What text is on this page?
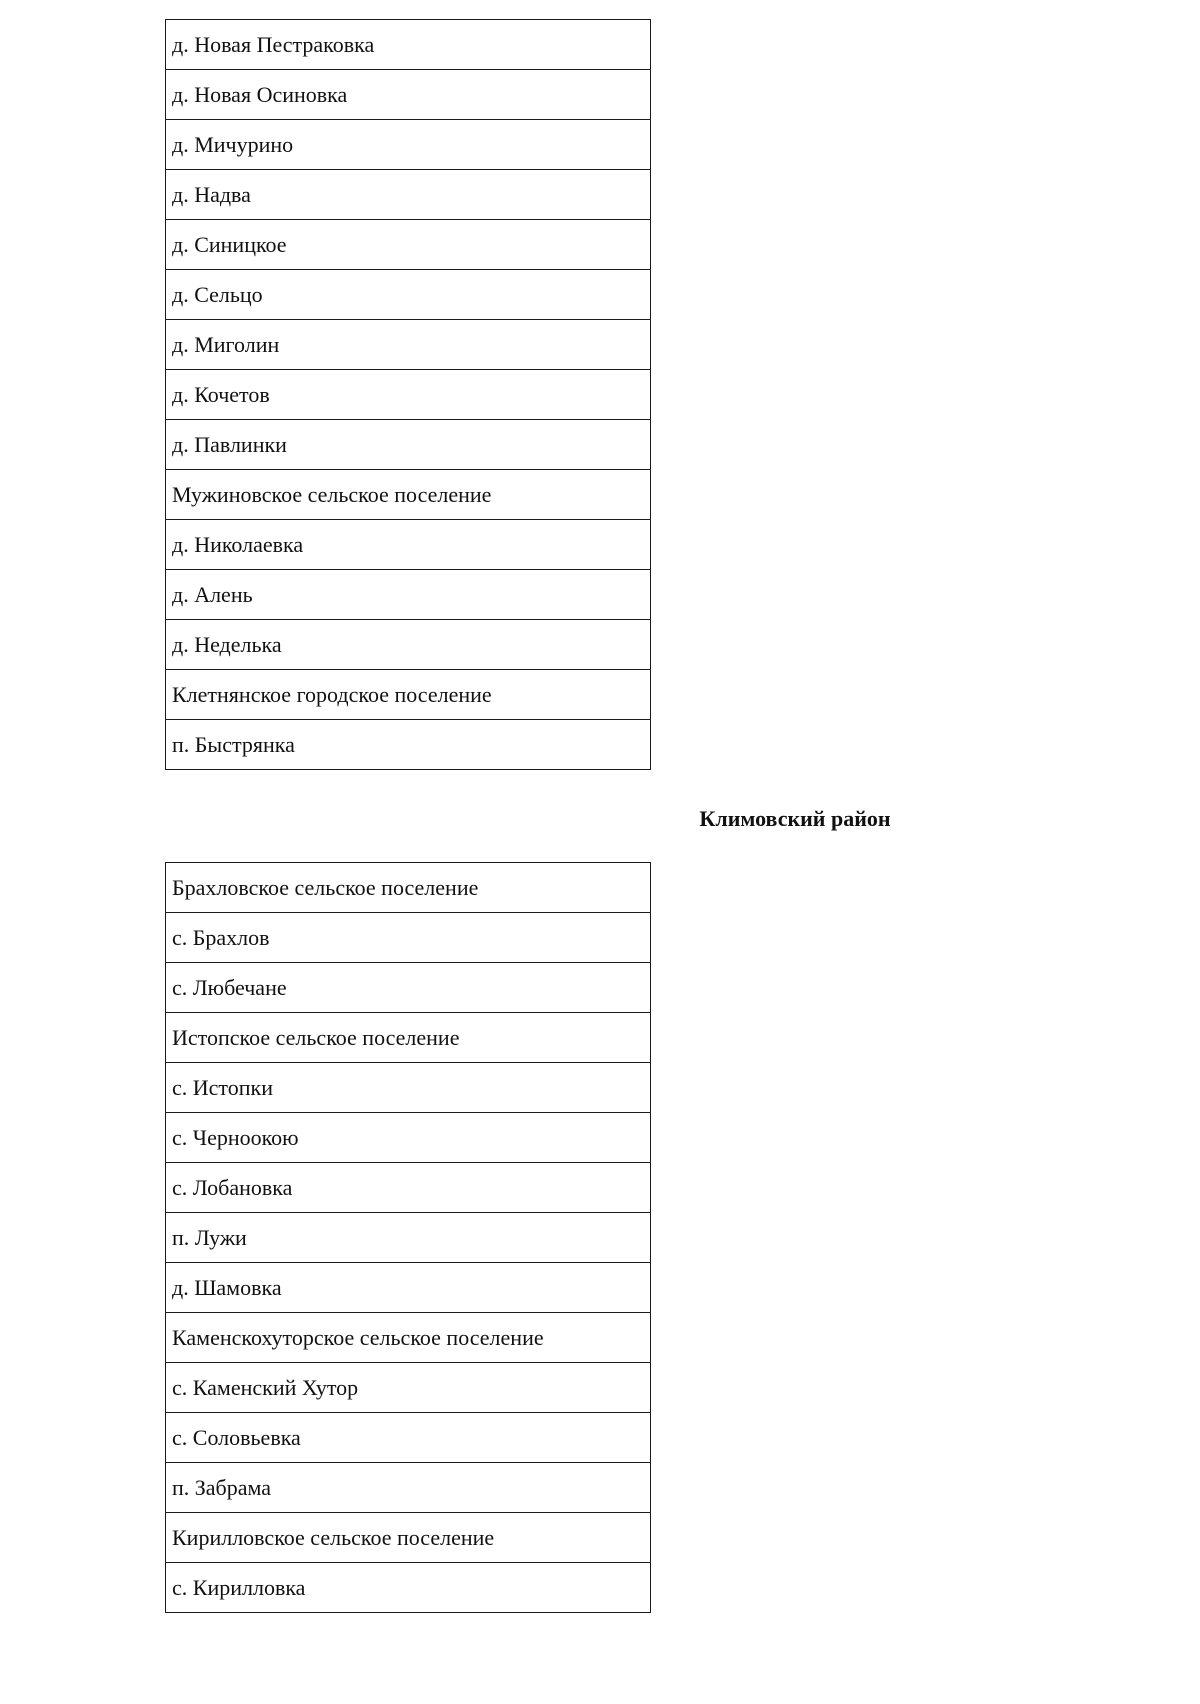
д. Новая Пестраковка
д. Новая Осиновка
д. Мичурино
д. Надва
д. Синицкое
д. Сельцо
д. Миголин
д. Кочетов
д. Павлинки
Мужиновское сельское поселение
д. Николаевка
д. Алень
д. Неделька
Клетнянское городское поселение
п. Быстрянка
Климовский район
Брахловское сельское поселение
с. Брахлов
с. Любечане
Истопское сельское поселение
с. Истопки
с. Черноокою
с. Лобановка
п. Лужи
д. Шамовка
Каменскохуторское сельское поселение
с. Каменский Хутор
с. Соловьевка
п. Забрама
Кирилловское сельское поселение
с. Кирилловка
